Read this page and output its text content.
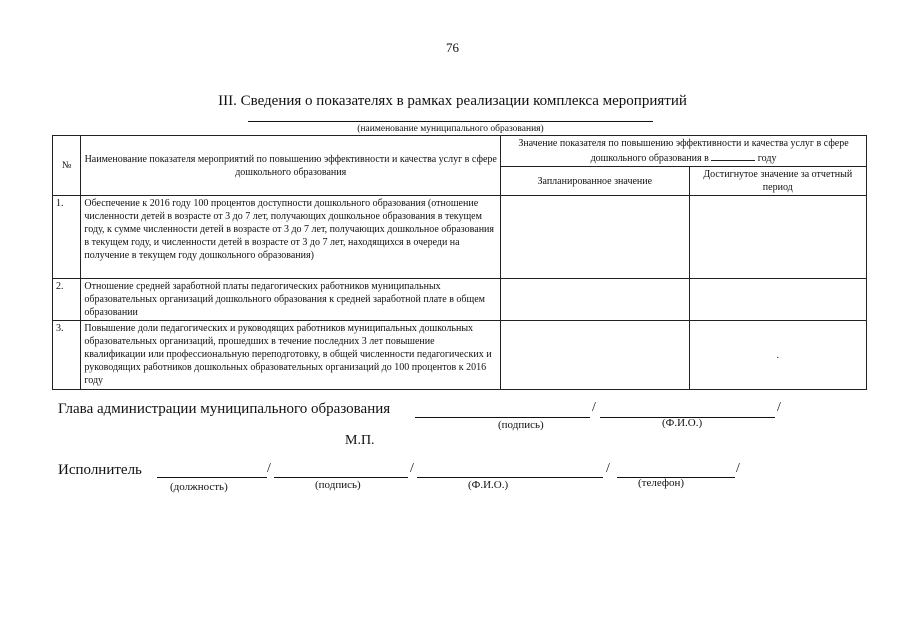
76
III. Сведения о показателях в рамках реализации комплекса мероприятий
(наименование муниципального образования)
№	Наименование показателя мероприятий по повышению эффективности и качества услуг в сфере дошкольного образования	Значение показателя по повышению эффективности и качества услуг в сфере дошкольного образования в году	
		Запланированное значение	Достигнутое значение за отчетный период
1.	Обеспечение к 2016 году 100 процентов доступности дошкольного образования (отношение численности детей в возрасте от 3 до 7 лет, получающих дошкольное образования в текущем году, к сумме численности детей в возрасте от 3 до 7 лет, получающих дошкольное образования в текущем году, и численности детей в возрасте от 3 до 7 лет, находящихся в очереди на получение в текущем году дошкольного образования)		
2.	Отношение средней заработной платы педагогических работников муниципальных образовательных организаций дошкольного образования к средней заработной плате в общем образовании		
3.	Повышение доли педагогических и руководящих работников муниципальных дошкольных образовательных организаций, прошедших в течение последних 3 лет повышение квалификации или профессиональную переподготовку, в общей численности педагогических и руководящих работников дошкольных образовательных организаций до 100 процентов к 2016 году		.
Глава администрации муниципального образования	/	/
(подпись)	(Ф.И.О.)
М.П.
Исполнитель	/	/	/	/
(должность)	(подпись)	(Ф.И.О.)	(телефон)
